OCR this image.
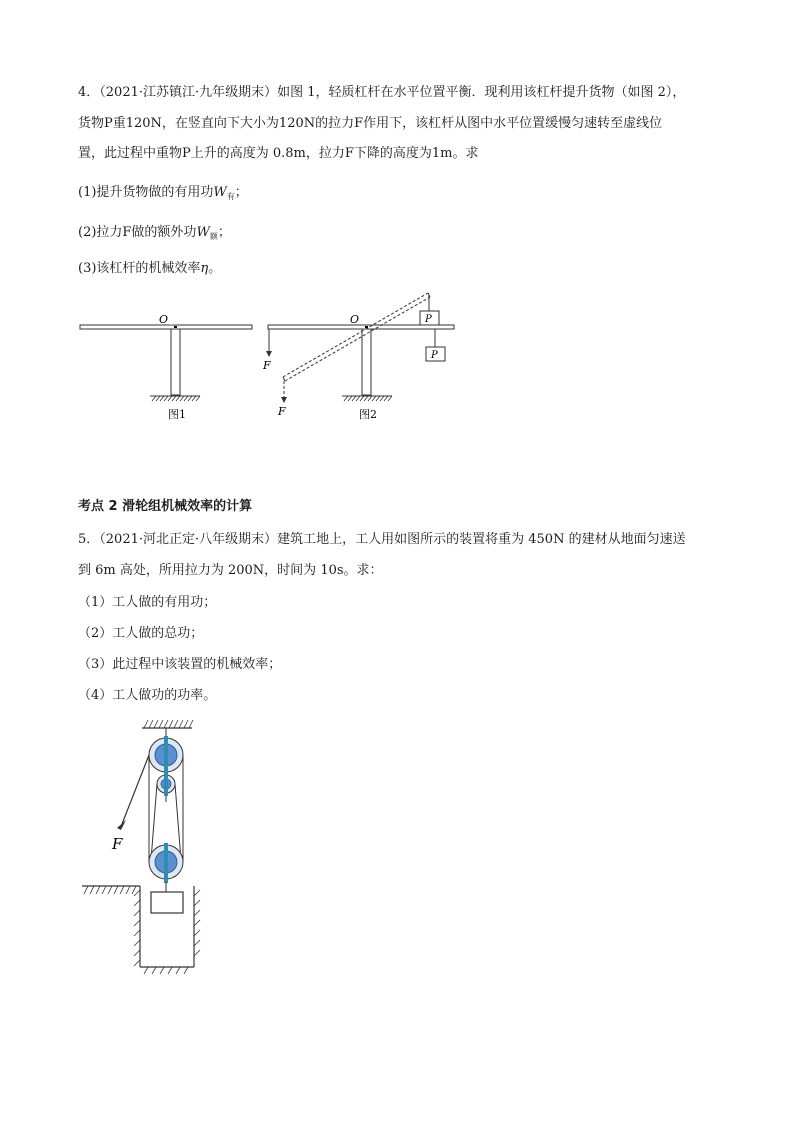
4．（2021·江苏镇江·九年级期末）如图 1，轻质杠杆在水平位置平衡．现利用该杠杆提升货物（如图 2），
货物P重120N，在竖直向下大小为120N的拉力F作用下，该杠杆从图中水平位置缓慢匀速转至虚线位
置，此过程中重物P上升的高度为 0.8m，拉力F下降的高度为1m。求
(1)提升货物做的有用功$W_有$；
(2)拉力F做的额外功$W_额$；
(3)该杠杆的机械效率η。
O
图1
F
F
P
P
O
图2
考点 2 滑轮组机械效率的计算
5．（2021·河北正定·八年级期末）建筑工地上，工人用如图所示的装置将重为 450N 的建材从地面匀速送
到 6m 高处，所用拉力为 200N，时间为 10s。求：
（1）工人做的有用功；
（2）工人做的总功；
（3）此过程中该装置的机械效率；
（4）工人做功的功率。
F
